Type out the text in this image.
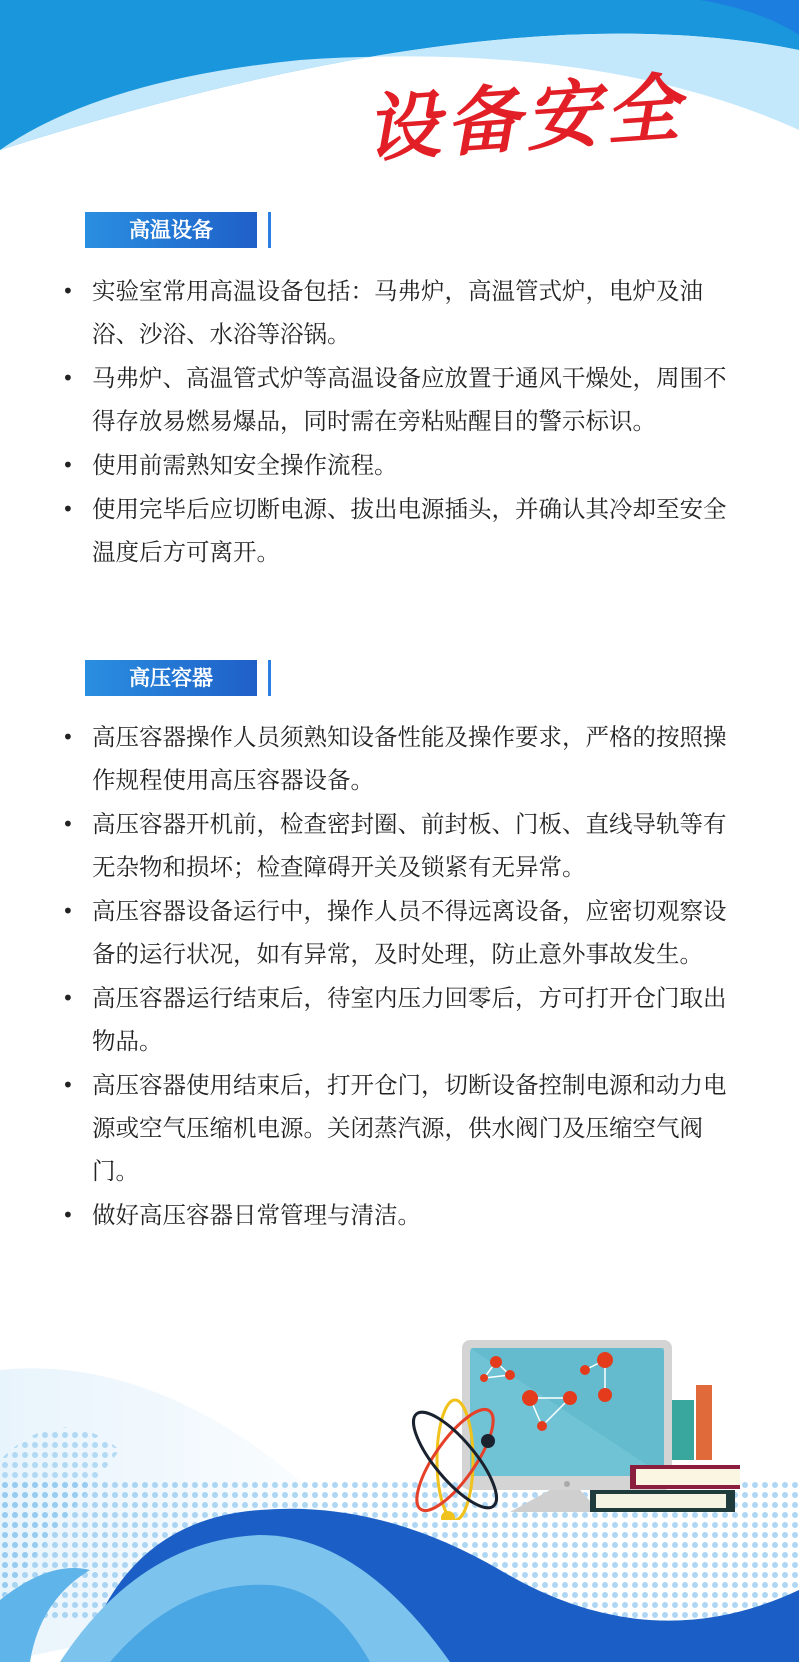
设备安全
高温设备
• 实验室常用高温设备包括：马弗炉，高温管式炉，电炉及油浴、沙浴、水浴等浴锅。
• 马弗炉、高温管式炉等高温设备应放置于通风干燥处，周围不得存放易燃易爆品，同时需在旁粘贴醒目的警示标识。
• 使用前需熟知安全操作流程。
• 使用完毕后应切断电源、拔出电源插头，并确认其冷却至安全温度后方可离开。
高压容器
• 高压容器操作人员须熟知设备性能及操作要求，严格的按照操作规程使用高压容器设备。
• 高压容器开机前，检查密封圈、前封板、门板、直线导轨等有无杂物和损坏；检查障碍开关及锁紧有无异常。
• 高压容器设备运行中，操作人员不得远离设备，应密切观察设备的运行状况，如有异常，及时处理，防止意外事故发生。
• 高压容器运行结束后，待室内压力回零后，方可打开仓门取出物品。
• 高压容器使用结束后，打开仓门，切断设备控制电源和动力电源或空气压缩机电源。关闭蒸汽源，供水阀门及压缩空气阀门。
• 做好高压容器日常管理与清洁。
